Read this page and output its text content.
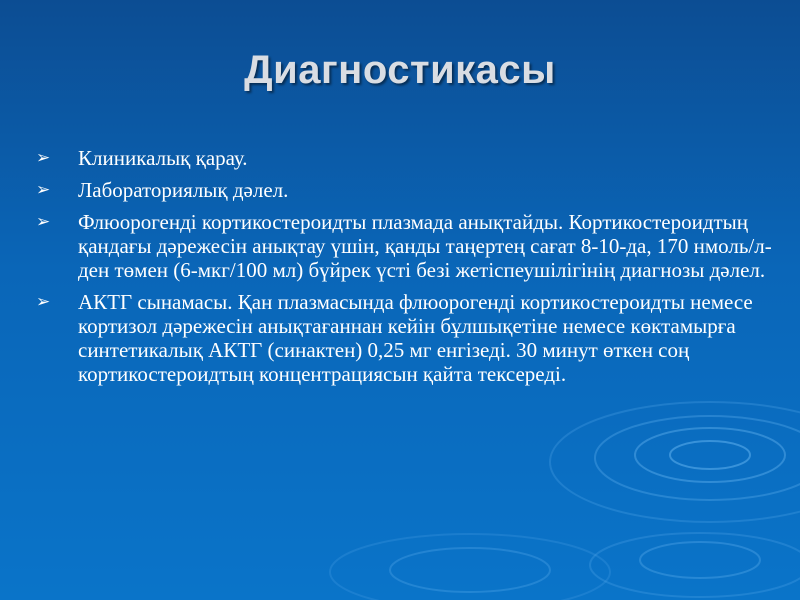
Диагностикасы
➢ Клиникалық қарау.
➢ Лабораториялық дәлел.
➢ Флюорогенді кортикостероидты плазмада анықтайды. Кортикостероидтың қандағы дәрежесін анықтау үшін, қанды таңертең сағат 8-10-да, 170 нмоль/л-ден төмен (6-мкг/100 мл) бүйрек үсті безі жетіспеушілігінің диагнозы дәлел.
➢ АКТГ сынамасы. Қан плазмасында флюорогенді кортикостероидты немесе кортизол дәрежесін анықтағаннан кейін бұлшықетіне немесе көктамырға синтетикалық АКТГ (синактен) 0,25 мг енгізеді. 30 минут өткен соң кортикостероидтың концентрациясын қайта тексереді.
